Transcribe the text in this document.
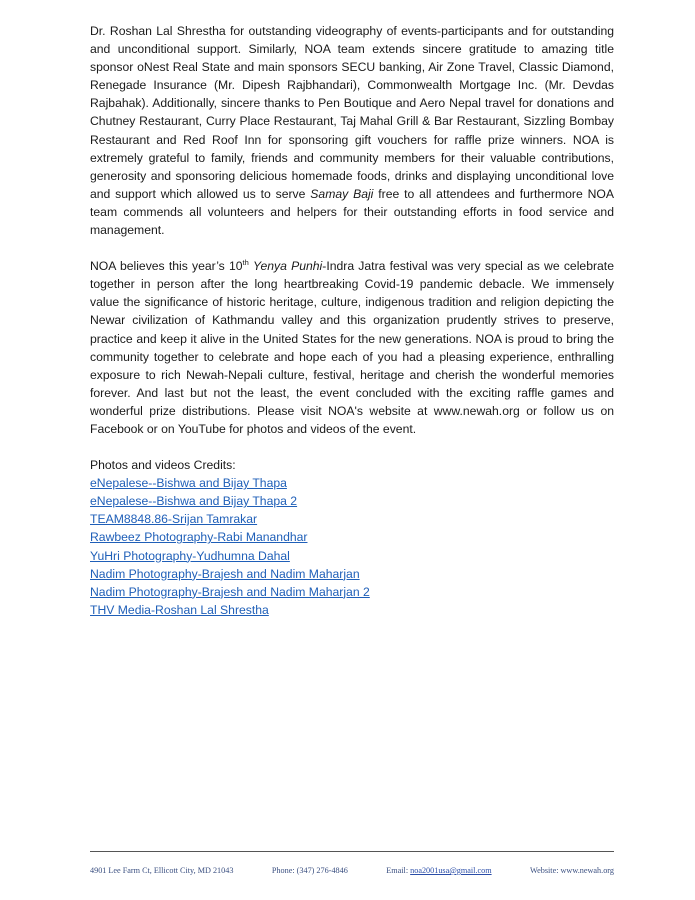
Dr. Roshan Lal Shrestha for outstanding videography of events-participants and for outstanding and unconditional support. Similarly, NOA team extends sincere gratitude to amazing title sponsor oNest Real State and main sponsors SECU banking, Air Zone Travel, Classic Diamond, Renegade Insurance (Mr. Dipesh Rajbhandari), Commonwealth Mortgage Inc. (Mr. Devdas Rajbahak). Additionally, sincere thanks to Pen Boutique and Aero Nepal travel for donations and Chutney Restaurant, Curry Place Restaurant, Taj Mahal Grill & Bar Restaurant, Sizzling Bombay Restaurant and Red Roof Inn for sponsoring gift vouchers for raffle prize winners. NOA is extremely grateful to family, friends and community members for their valuable contributions, generosity and sponsoring delicious homemade foods, drinks and displaying unconditional love and support which allowed us to serve Samay Baji free to all attendees and furthermore NOA team commends all volunteers and helpers for their outstanding efforts in food service and management.

NOA believes this year’s 10th Yenya Punhi-Indra Jatra festival was very special as we celebrate together in person after the long heartbreaking Covid-19 pandemic debacle. We immensely value the significance of historic heritage, culture, indigenous tradition and religion depicting the Newar civilization of Kathmandu valley and this organization prudently strives to preserve, practice and keep it alive in the United States for the new generations. NOA is proud to bring the community together to celebrate and hope each of you had a pleasing experience, enthralling exposure to rich Newah-Nepali culture, festival, heritage and cherish the wonderful memories forever. And last but not the least, the event concluded with the exciting raffle games and wonderful prize distributions. Please visit NOA's website at www.newah.org or follow us on Facebook or on YouTube for photos and videos of the event.

Photos and videos Credits:

eNepalese--Bishwa and Bijay Thapa
eNepalese--Bishwa and Bijay Thapa 2
TEAM8848.86-Srijan Tamrakar
Rawbeez Photography-Rabi Manandhar
YuHri Photography-Yudhumna Dahal
Nadim Photography-Brajesh and Nadim Maharjan
Nadim Photography-Brajesh and Nadim Maharjan 2
THV Media-Roshan Lal Shrestha
4901 Lee Farm Ct, Ellicott City, MD 21043	Phone: (347) 276-4846	Email: noa2001usa@gmail.com	Website: www.newah.org
